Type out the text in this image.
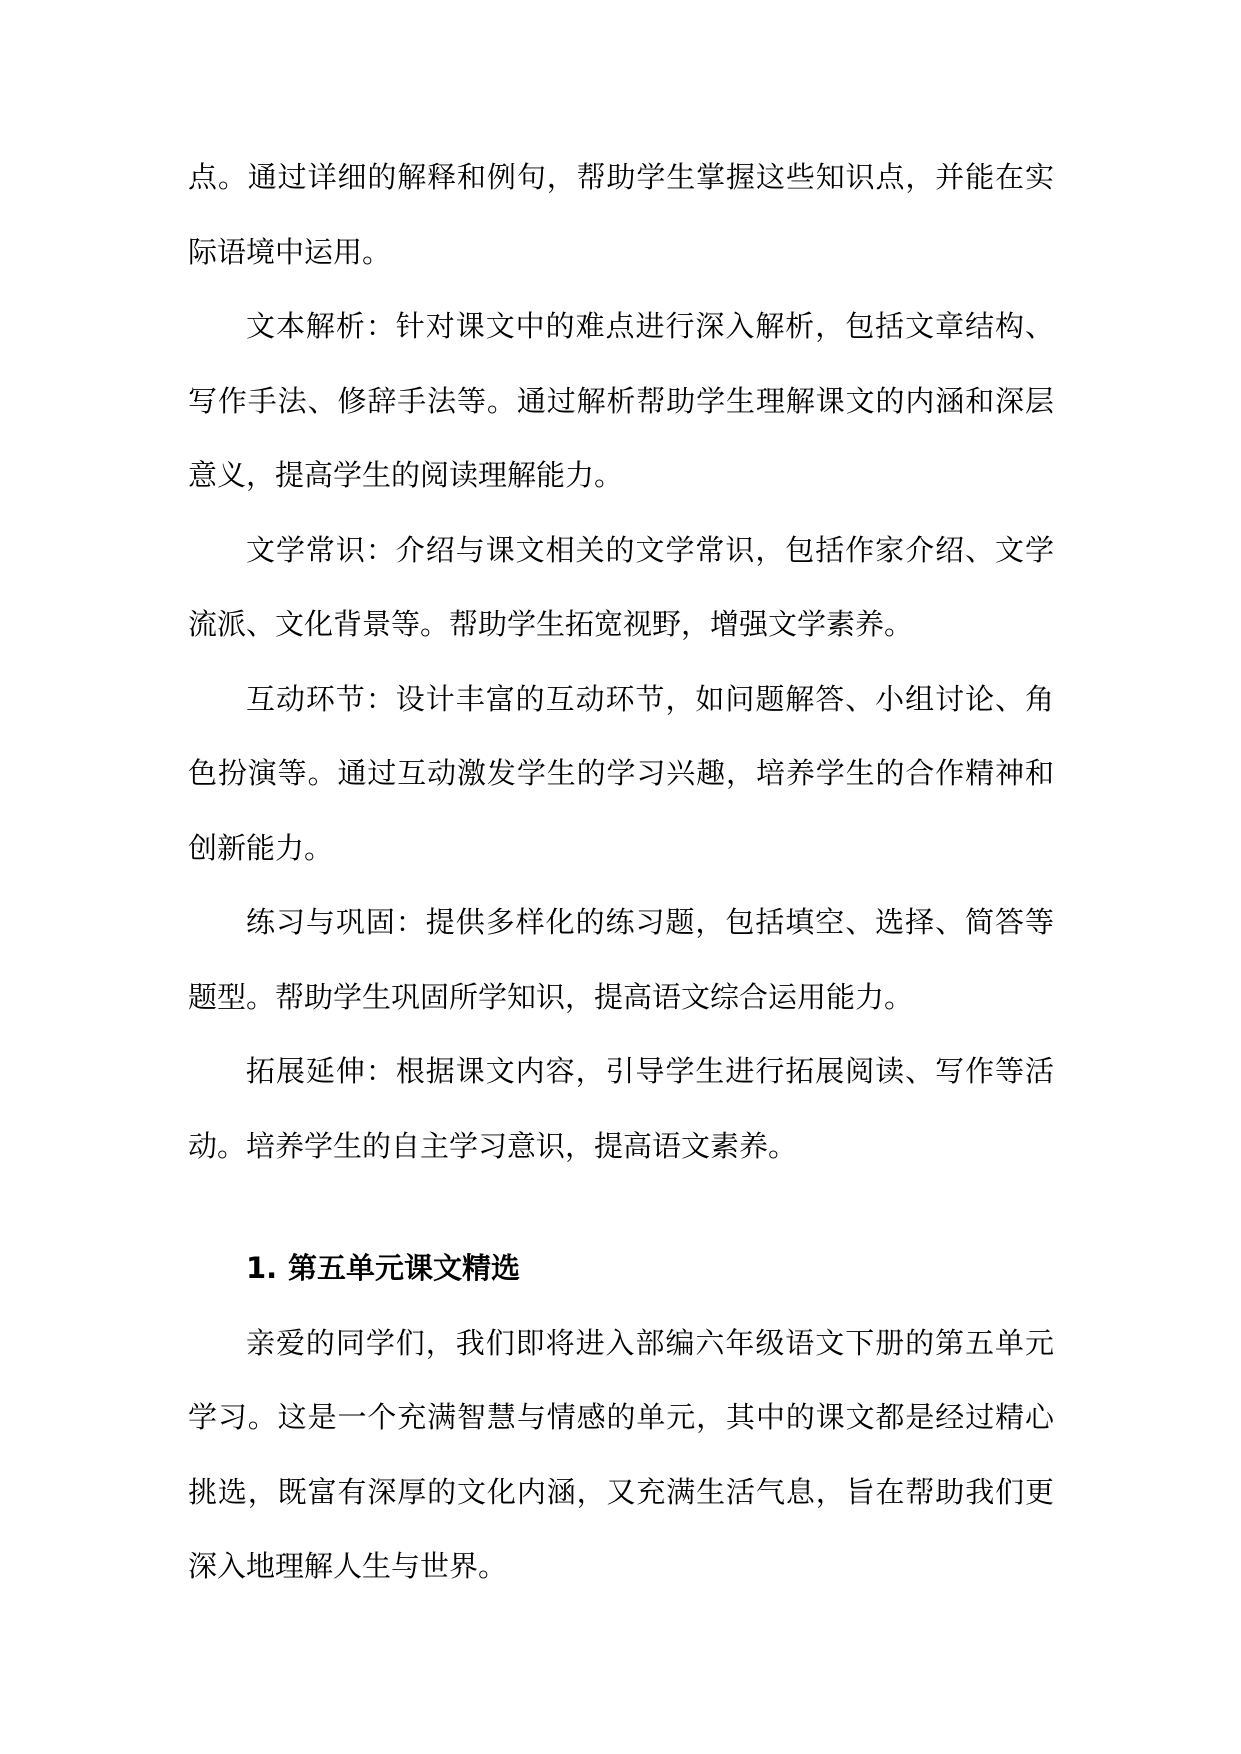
点。通过详细的解释和例句，帮助学生掌握这些知识点，并能在实际语境中运用。

文本解析：针对课文中的难点进行深入解析，包括文章结构、写作手法、修辞手法等。通过解析帮助学生理解课文的内涵和深层意义，提高学生的阅读理解能力。

文学常识：介绍与课文相关的文学常识，包括作家介绍、文学流派、文化背景等。帮助学生拓宽视野，增强文学素养。

互动环节：设计丰富的互动环节，如问题解答、小组讨论、角色扮演等。通过互动激发学生的学习兴趣，培养学生的合作精神和创新能力。

练习与巩固：提供多样化的练习题，包括填空、选择、简答等题型。帮助学生巩固所学知识，提高语文综合运用能力。

拓展延伸：根据课文内容，引导学生进行拓展阅读、写作等活动。培养学生的自主学习意识，提高语文素养。

1. 第五单元课文精选

亲爱的同学们，我们即将进入部编六年级语文下册的第五单元学习。这是一个充满智慧与情感的单元，其中的课文都是经过精心挑选，既富有深厚的文化内涵，又充满生活气息，旨在帮助我们更深入地理解人生与世界。
